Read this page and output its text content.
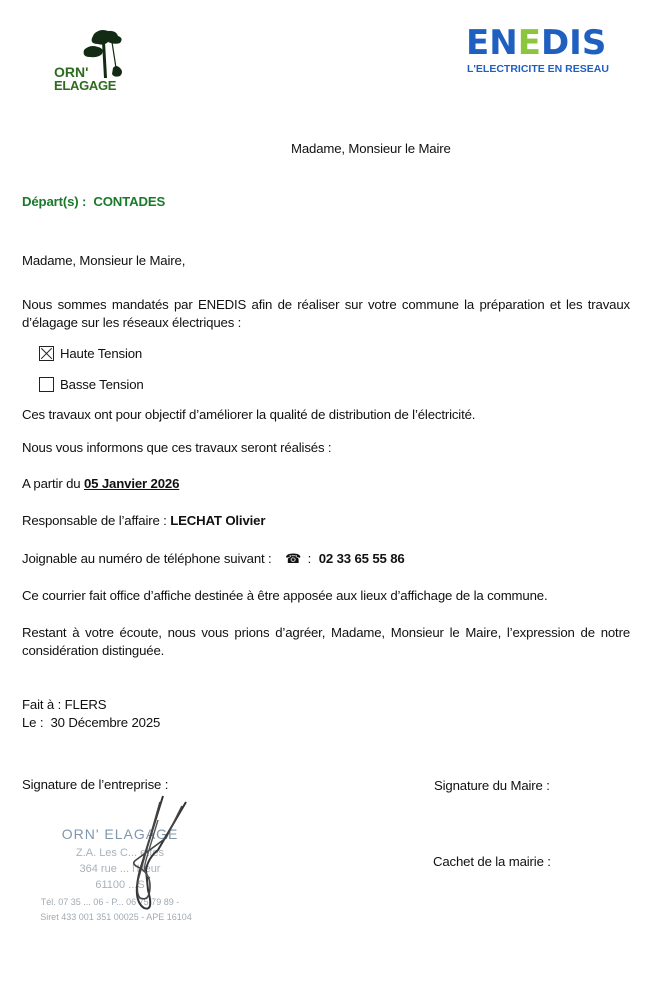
ORN'
ELAGAGE
ENEDIS
L'ELECTRICITE EN RESEAU
Madame, Monsieur le Maire
Départ(s) : CONTADES
Madame, Monsieur le Maire,
Nous sommes mandatés par ENEDIS afin de réaliser sur votre commune la préparation et les travaux d’élagage sur les réseaux électriques :
Haute Tension
Basse Tension
Ces travaux ont pour objectif d’améliorer la qualité de distribution de l’électricité.
Nous vous informons que ces travaux seront réalisés :
A partir du 05 Janvier 2026
Responsable de l’affaire : LECHAT Olivier
Joignable au numéro de téléphone suivant : ☎ : 02 33 65 55 86
Ce courrier fait office d’affiche destinée à être apposée aux lieux d’affichage de la commune.
Restant à votre écoute, nous vous prions d’agréer, Madame, Monsieur le Maire, l’expression de notre considération distinguée.
Fait à : FLERS
Le : 30 Décembre 2025
Signature de l’entreprise :	Signature du Maire :
Cachet de la mairie :
ORN' ELAGAGE
Z.A. Les C... ettes
364 rue ... l'Heur
61100 ...S
Tél. 07 35 ... 06 - P... 06 75 79 89 -
Siret 433 001 351 00025 - APE 16104
